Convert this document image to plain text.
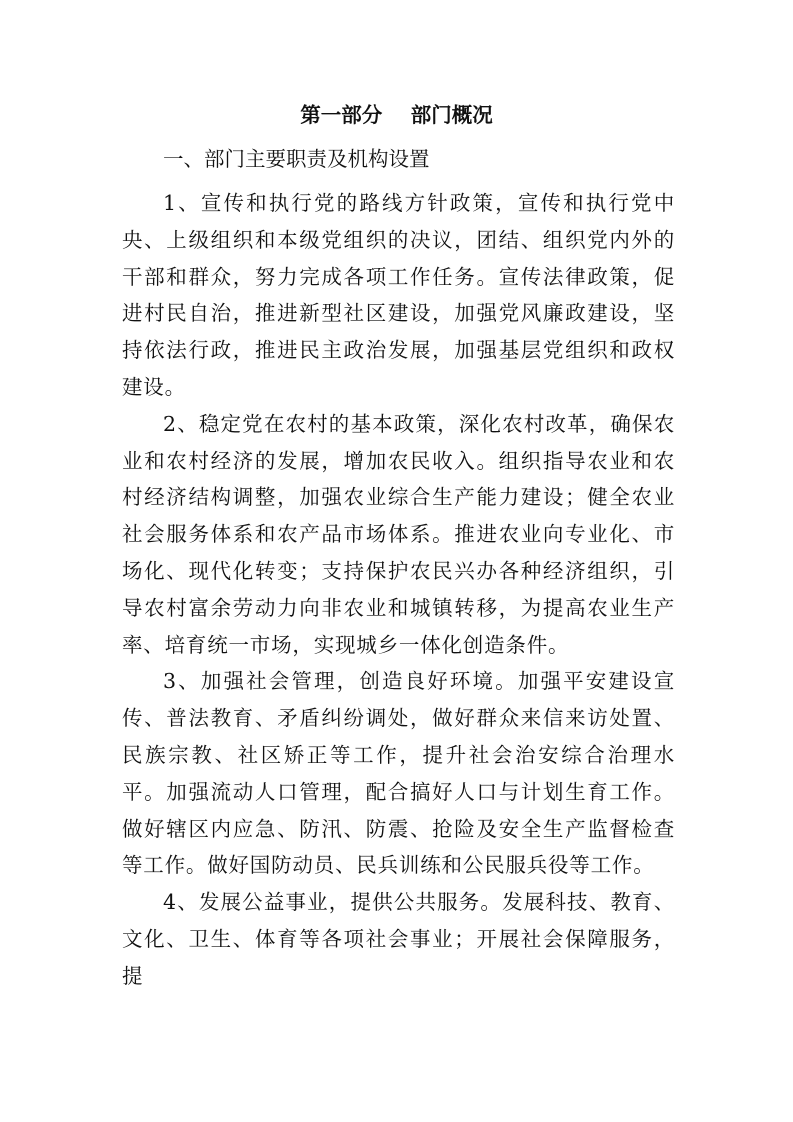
第一部分    部门概况
一、部门主要职责及机构设置

1、宣传和执行党的路线方针政策，宣传和执行党中央、上级组织和本级党组织的决议，团结、组织党内外的干部和群众，努力完成各项工作任务。宣传法律政策，促进村民自治，推进新型社区建设，加强党风廉政建设，坚持依法行政，推进民主政治发展，加强基层党组织和政权建设。

2、稳定党在农村的基本政策，深化农村改革，确保农业和农村经济的发展，增加农民收入。组织指导农业和农村经济结构调整，加强农业综合生产能力建设；健全农业社会服务体系和农产品市场体系。推进农业向专业化、市场化、现代化转变；支持保护农民兴办各种经济组织，引导农村富余劳动力向非农业和城镇转移，为提高农业生产率、培育统一市场，实现城乡一体化创造条件。

3、加强社会管理，创造良好环境。加强平安建设宣传、普法教育、矛盾纠纷调处，做好群众来信来访处置、民族宗教、社区矫正等工作，提升社会治安综合治理水平。加强流动人口管理，配合搞好人口与计划生育工作。做好辖区内应急、防汛、防震、抢险及安全生产监督检查等工作。做好国防动员、民兵训练和公民服兵役等工作。

4、发展公益事业，提供公共服务。发展科技、教育、文化、卫生、体育等各项社会事业；开展社会保障服务，提
